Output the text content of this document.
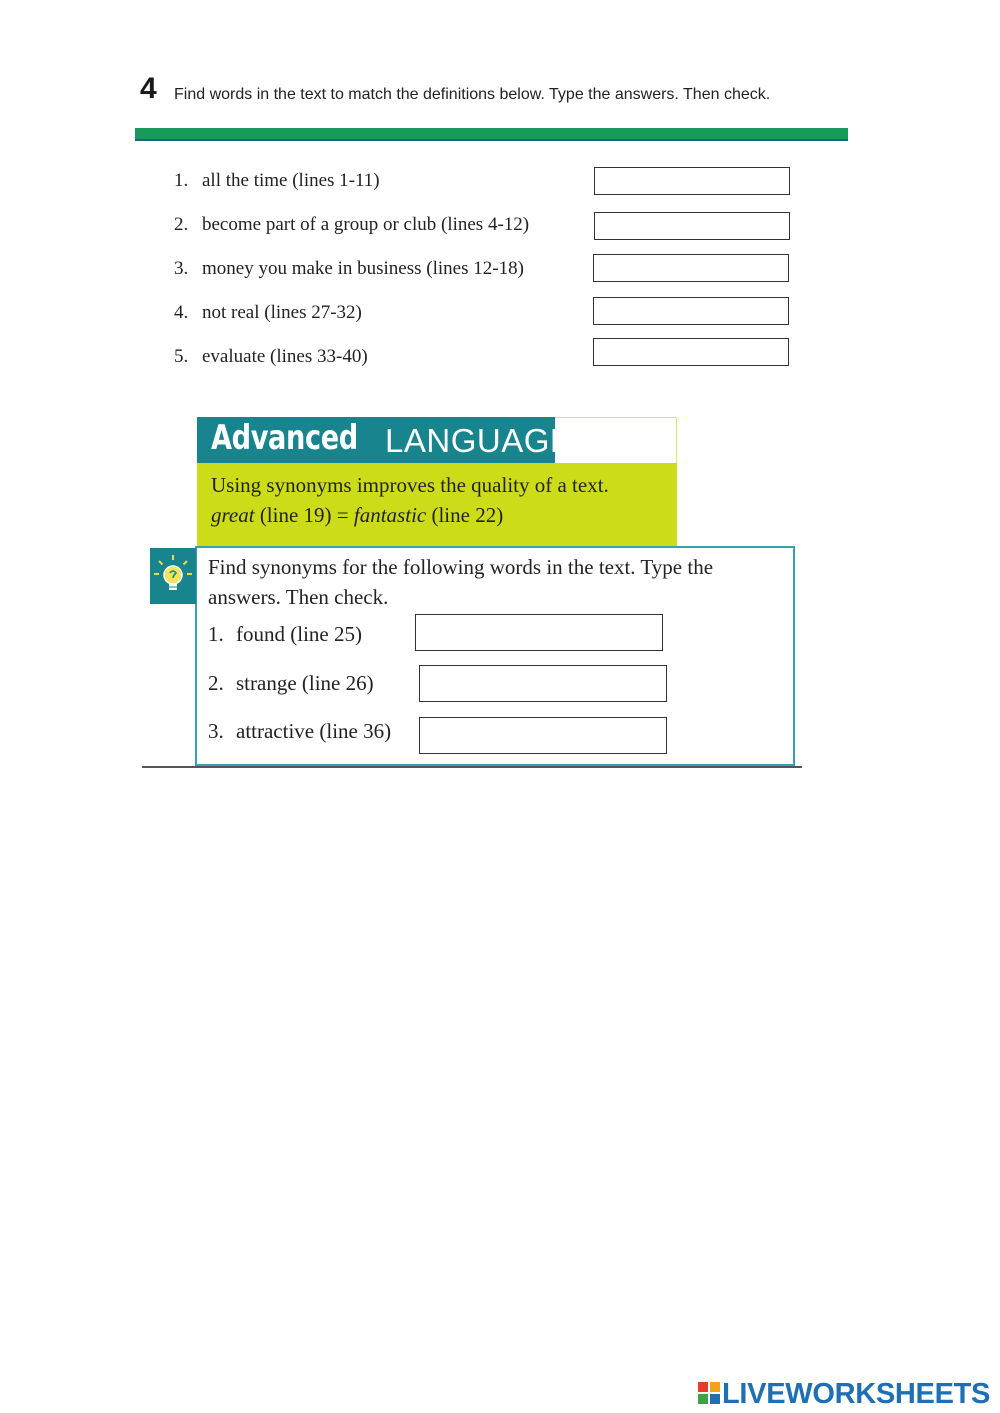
4 Find words in the text to match the definitions below. Type the answers. Then check.
1. all the time (lines 1-11)
2. become part of a group or club (lines 4-12)
3. money you make in business (lines 12-18)
4. not real (lines 27-32)
5. evaluate (lines 33-40)
Advanced LANGUAGE
Using synonyms improves the quality of a text.
great (line 19) = fantastic (line 22)
Find synonyms for the following words in the text. Type the answers. Then check.
1. found (line 25)
2. strange (line 26)
3. attractive (line 36)
LIVEWORKSHEETS
